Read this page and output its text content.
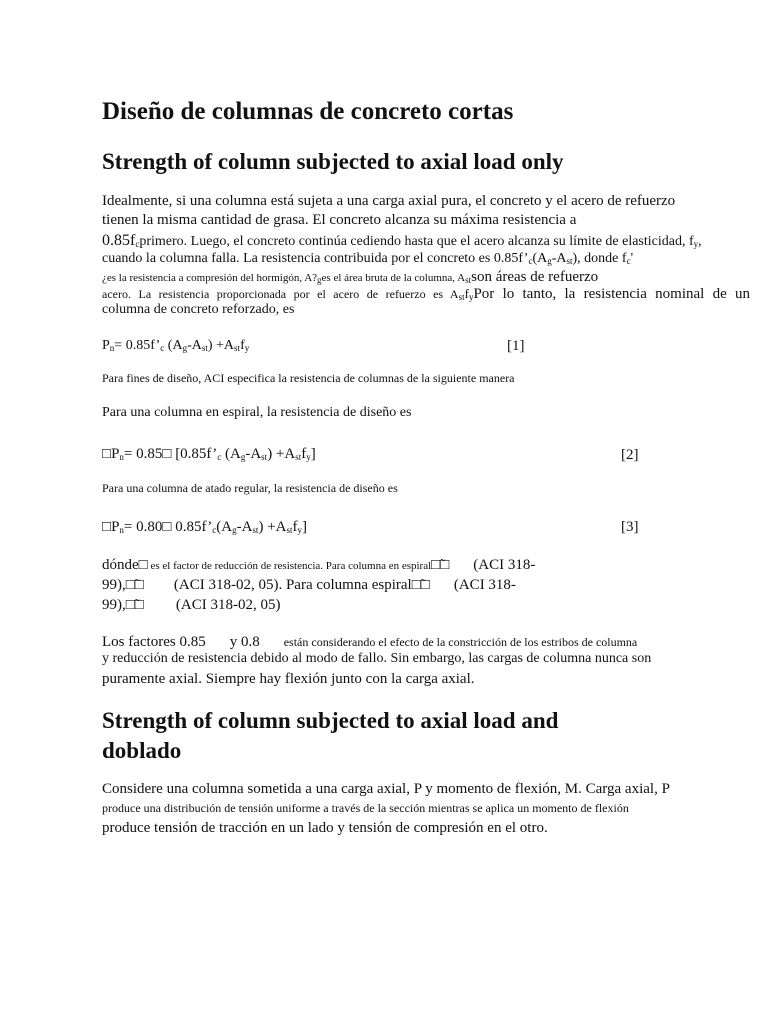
Diseño de columnas de concreto cortas
Strength of column subjected to axial load only
Idealmente, si una columna está sujeta a una carga axial pura, el concreto y el acero de refuerzo
tienen la misma cantidad de grasa. El concreto alcanza su máxima resistencia a
$0.85f_cprimero$. Luego, el concreto continúa cediendo hasta que el acero alcanza su límite de elasticidad, $f_y$,
cuando la columna falla. La resistencia contribuida por el concreto es $0.85f’_c(A_g-A_{st})$, donde $f_c'$
¿es la resistencia a compresión del hormigón, $A?_ges$ el área bruta de la columna, $A_{st}son$ áreas de refuerzo
acero. La resistencia proporcionada por el acero de refuerzo es $A_{st}f_yPor$ lo tanto, la resistencia nominal de un
columna de concreto reforzado, es
$P_n=$ $0.85f’_c$ $(A_g-A_{st}) +A_{st}f_y$	[1]
Para fines de diseño, ACI especifica la resistencia de columnas de la siguiente manera
Para una columna en espiral, la resistencia de diseño es
$□P_n=$ 0.85□ [$0.85f’_c$ $(A_g-A_{st}) +A_{st}f_y$]	[2]
Para una columna de atado regular, la resistencia de diseño es
$□P_n=$ 0.80□ $0.85f’_c(A_g-A_{st}) +A_{st}f_y$]	[3]
dónde□ es el factor de reducción de resistencia. Para columna en espiral□̃□ (ACI 318-
99),□̃□ (ACI 318-02, 05). Para columna espiral□̃□ (ACI 318-
99),□̃□ (ACI 318-02, 05)
Los factores 0.85 y 0.8 están considerando el efecto de la constricción de los estribos de columna
y reducción de resistencia debido al modo de fallo. Sin embargo, las cargas de columna nunca son
puramente axial. Siempre hay flexión junto con la carga axial.
Strength of column subjected to axial load and
doblado
Considere una columna sometida a una carga axial, P y momento de flexión, M. Carga axial, P
produce una distribución de tensión uniforme a través de la sección mientras se aplica un momento de flexión
produce tensión de tracción en un lado y tensión de compresión en el otro.
